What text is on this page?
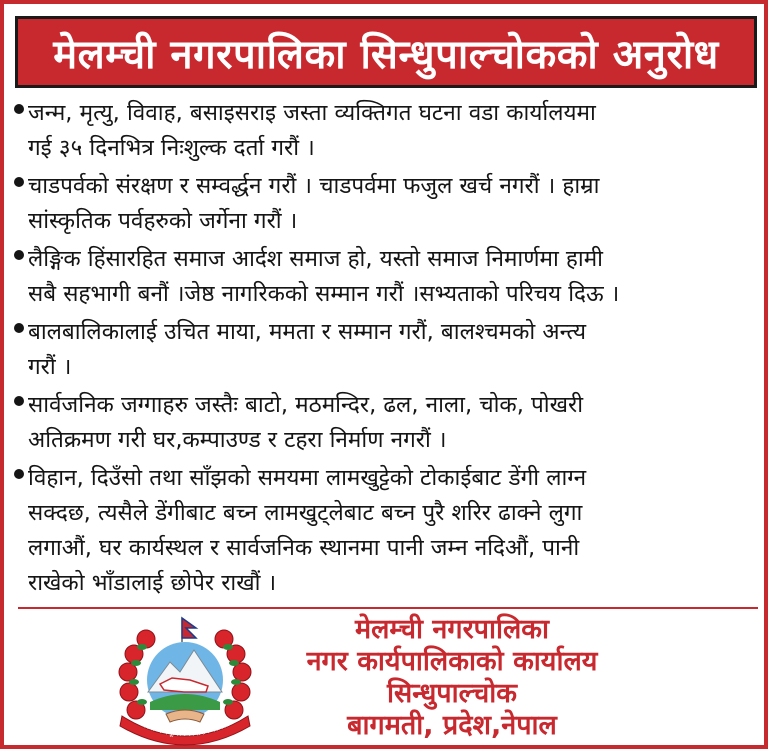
मेलम्ची नगरपालिका सिन्धुपाल्चोकको अनुरोध
जन्म, मृत्यु, विवाह, बसाइसराइ जस्ता व्यक्तिगत घटना वडा कार्यालयमा
गई ३५ दिनभित्र निःशुल्क दर्ता गरौं ।
चाडपर्वको संरक्षण र सम्वर्द्धन गरौं । चाडपर्वमा फजुल खर्च नगरौं । हाम्रा
सांस्कृतिक पर्वहरुको जर्गेना गरौं ।
लैङ्गिक हिंसारहित समाज आर्दश समाज हो, यस्तो समाज निमार्णमा हामी
सबै सहभागी बनौं ।जेष्ठ नागरिकको सम्मान गरौं ।सभ्यताको परिचय दिऊ ।
बालबालिकालाई उचित माया, ममता र सम्मान गरौं, बालश्चमको अन्त्य
गरौं ।
सार्वजनिक जग्गाहरु जस्तैः बाटो, मठमन्दिर, ढल, नाला, चोक, पोखरी
अतिक्रमण गरी घर,कम्पाउण्ड र टहरा निर्माण नगरौं ।
विहान, दिउँसो तथा साँझको समयमा लामखुट्टेको टोकाईबाट डेंगी लाग्न
सक्दछ, त्यसैले डेंगीबाट बच्न लामखुट्लेबाट बच्न पुरै शरिर ढाक्ने लुगा
लगाऔं, घर कार्यस्थल र सार्वजनिक स्थानमा पानी जम्न नदिऔं, पानी
राखेको भाँडालाई छोपेर राखौं ।
जननी जन्मभूमिश्च स्वर्गादपि गरीयसी
मेलम्ची नगरपालिका
नगर कार्यपालिकाको कार्यालय
सिन्धुपाल्चोक
बागमती, प्रदेश,नेपाल
